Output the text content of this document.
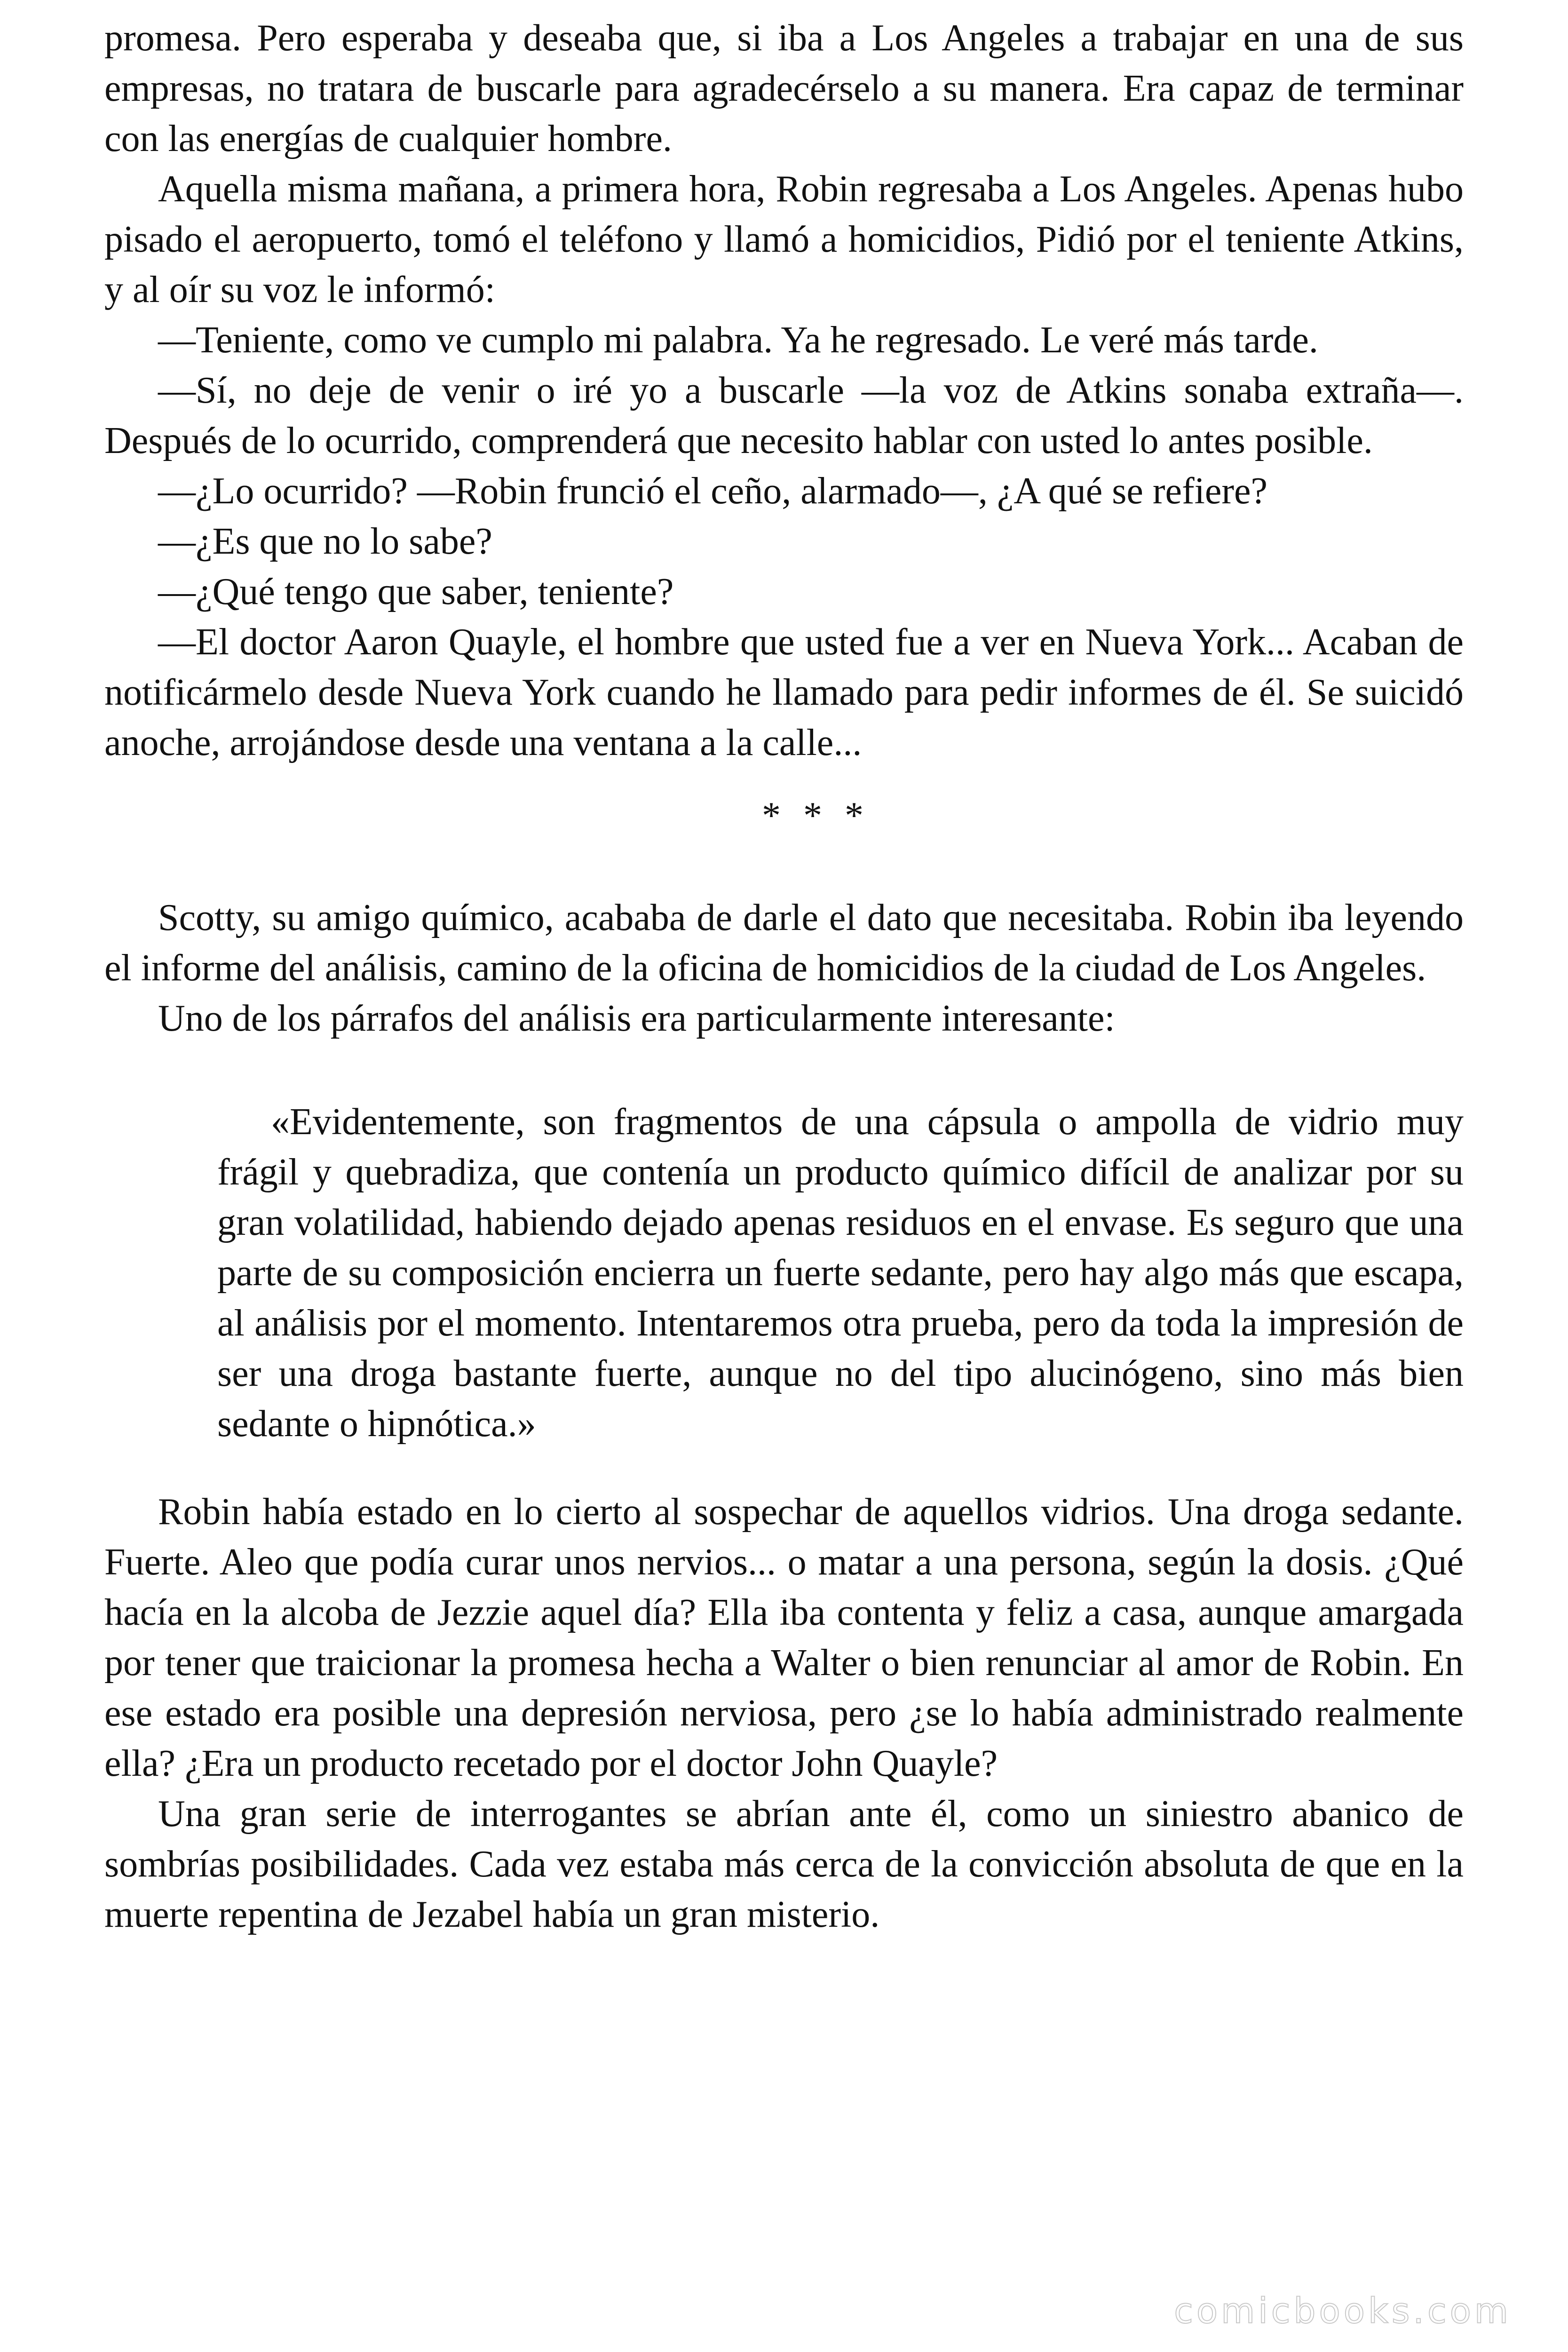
promesa. Pero esperaba y deseaba que, si iba a Los Angeles a trabajar en una de sus empresas, no tratara de buscarle para agradecérselo a su manera. Era capaz de terminar con las energías de cualquier hombre.

Aquella misma mañana, a primera hora, Robin regresaba a Los Angeles. Apenas hubo pisado el aeropuerto, tomó el teléfono y llamó a homicidios, Pidió por el teniente Atkins, y al oír su voz le informó:

—Teniente, como ve cumplo mi palabra. Ya he regresado. Le veré más tarde.

—Sí, no deje de venir o iré yo a buscarle —la voz de Atkins sonaba extraña—. Después de lo ocurrido, comprenderá que necesito hablar con usted lo antes posible.

—¿Lo ocurrido? —Robin frunció el ceño, alarmado—, ¿A qué se refiere?

—¿Es que no lo sabe?

—¿Qué tengo que saber, teniente?

—El doctor Aaron Quayle, el hombre que usted fue a ver en Nueva York... Acaban de notificármelo desde Nueva York cuando he llamado para pedir informes de él. Se suicidó anoche, arrojándose desde una ventana a la calle...

* * *

Scotty, su amigo químico, acababa de darle el dato que necesitaba. Robin iba leyendo el informe del análisis, camino de la oficina de homicidios de la ciudad de Los Angeles.

Uno de los párrafos del análisis era particularmente interesante:

«Evidentemente, son fragmentos de una cápsula o ampolla de vidrio muy frágil y quebradiza, que contenía un producto químico difícil de analizar por su gran volatilidad, habiendo dejado apenas residuos en el envase. Es seguro que una parte de su composición encierra un fuerte sedante, pero hay algo más que escapa, al análisis por el momento. Intentaremos otra prueba, pero da toda la impresión de ser una droga bastante fuerte, aunque no del tipo alucinógeno, sino más bien sedante o hipnótica.»

Robin había estado en lo cierto al sospechar de aquellos vidrios. Una droga sedante. Fuerte. Aleo que podía curar unos nervios... o matar a una persona, según la dosis. ¿Qué hacía en la alcoba de Jezzie aquel día? Ella iba contenta y feliz a casa, aunque amargada por tener que traicionar la promesa hecha a Walter o bien renunciar al amor de Robin. En ese estado era posible una depresión nerviosa, pero ¿se lo había administrado realmente ella? ¿Era un producto recetado por el doctor John Quayle?

Una gran serie de interrogantes se abrían ante él, como un siniestro abanico de sombrías posibilidades. Cada vez estaba más cerca de la convicción absoluta de que en la muerte repentina de Jezabel había un gran misterio.

comicbooks.com
